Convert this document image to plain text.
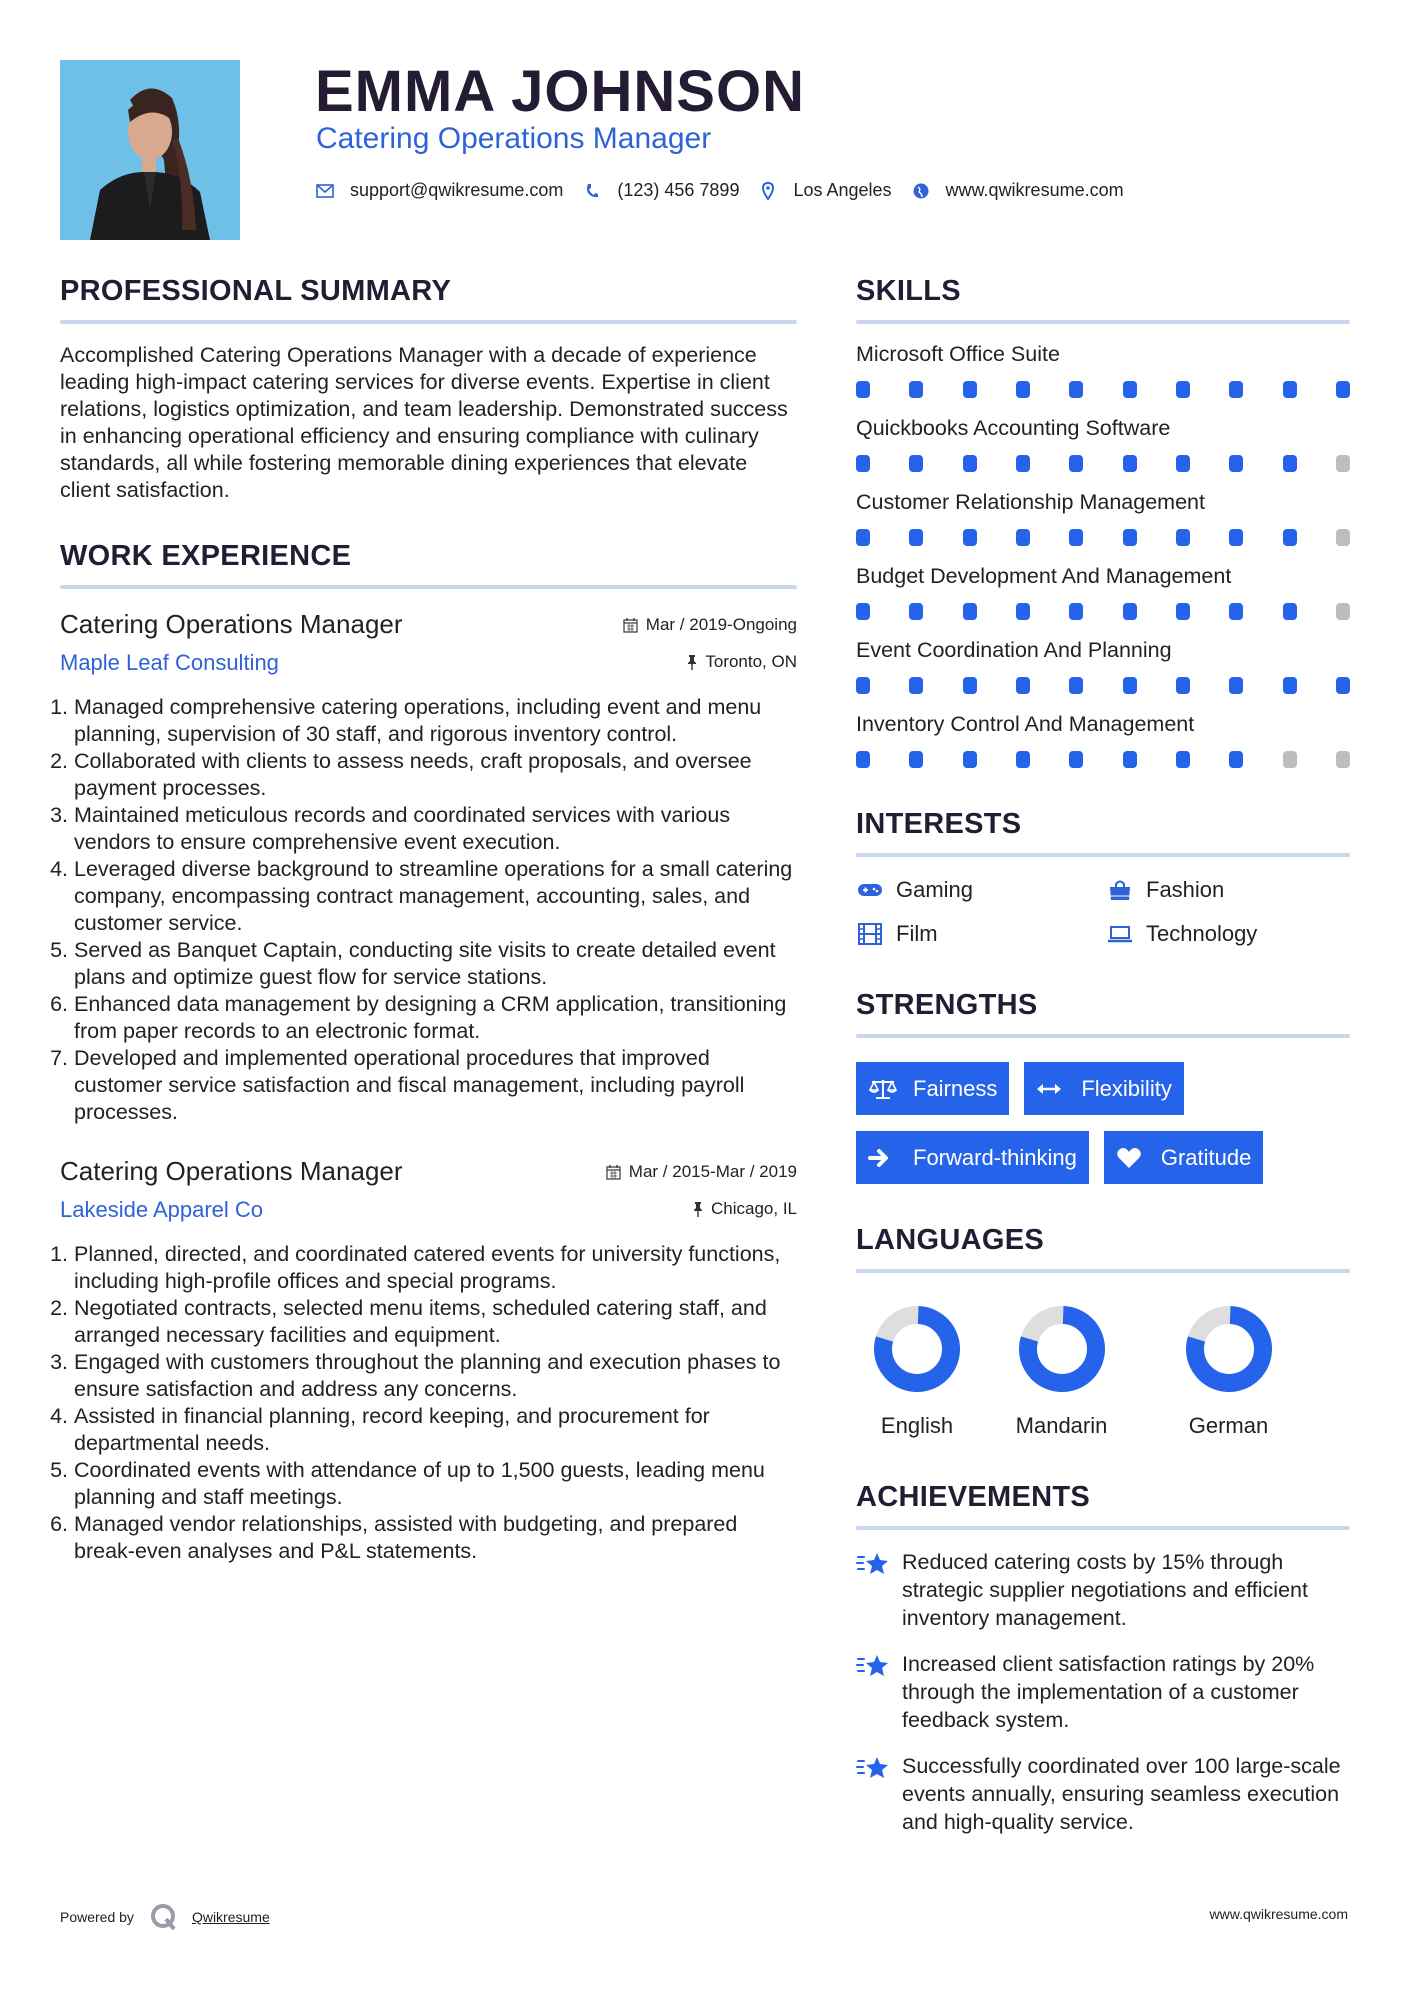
EMMA JOHNSON
Catering Operations Manager
support@qwikresume.com	(123) 456 7899	Los Angeles	www.qwikresume.com
PROFESSIONAL SUMMARY

Accomplished Catering Operations Manager with a decade of experience leading high-impact catering services for diverse events. Expertise in client relations, logistics optimization, and team leadership. Demonstrated success in enhancing operational efficiency and ensuring compliance with culinary standards, all while fostering memorable dining experiences that elevate client satisfaction.

WORK EXPERIENCE
Catering Operations Manager	Mar / 2019-Ongoing
Maple Leaf Consulting	Toronto, ON
1. Managed comprehensive catering operations, including event and menu planning, supervision of 30 staff, and rigorous inventory control.
2. Collaborated with clients to assess needs, craft proposals, and oversee payment processes.
3. Maintained meticulous records and coordinated services with various vendors to ensure comprehensive event execution.
4. Leveraged diverse background to streamline operations for a small catering company, encompassing contract management, accounting, sales, and customer service.
5. Served as Banquet Captain, conducting site visits to create detailed event plans and optimize guest flow for service stations.
6. Enhanced data management by designing a CRM application, transitioning from paper records to an electronic format.
7. Developed and implemented operational procedures that improved customer service satisfaction and fiscal management, including payroll processes.
Catering Operations Manager	Mar / 2015-Mar / 2019
Lakeside Apparel Co	Chicago, IL
1. Planned, directed, and coordinated catered events for university functions, including high-profile offices and special programs.
2. Negotiated contracts, selected menu items, scheduled catering staff, and arranged necessary facilities and equipment.
3. Engaged with customers throughout the planning and execution phases to ensure satisfaction and address any concerns.
4. Assisted in financial planning, record keeping, and procurement for departmental needs.
5. Coordinated events with attendance of up to 1,500 guests, leading menu planning and staff meetings.
6. Managed vendor relationships, assisted with budgeting, and prepared break-even analyses and P&L statements.
SKILLS
Microsoft Office Suite
Quickbooks Accounting Software
Customer Relationship Management
Budget Development And Management
Event Coordination And Planning
Inventory Control And Management
INTERESTS
Gaming	Fashion
Film	Technology
STRENGTHS
Fairness	Flexibility
Forward-thinking	Gratitude
LANGUAGES
English	Mandarin	German
ACHIEVEMENTS
Reduced catering costs by 15% through strategic supplier negotiations and efficient inventory management.
Increased client satisfaction ratings by 20% through the implementation of a customer feedback system.
Successfully coordinated over 100 large-scale events annually, ensuring seamless execution and high-quality service.
Powered by	Qwikresume	www.qwikresume.com
